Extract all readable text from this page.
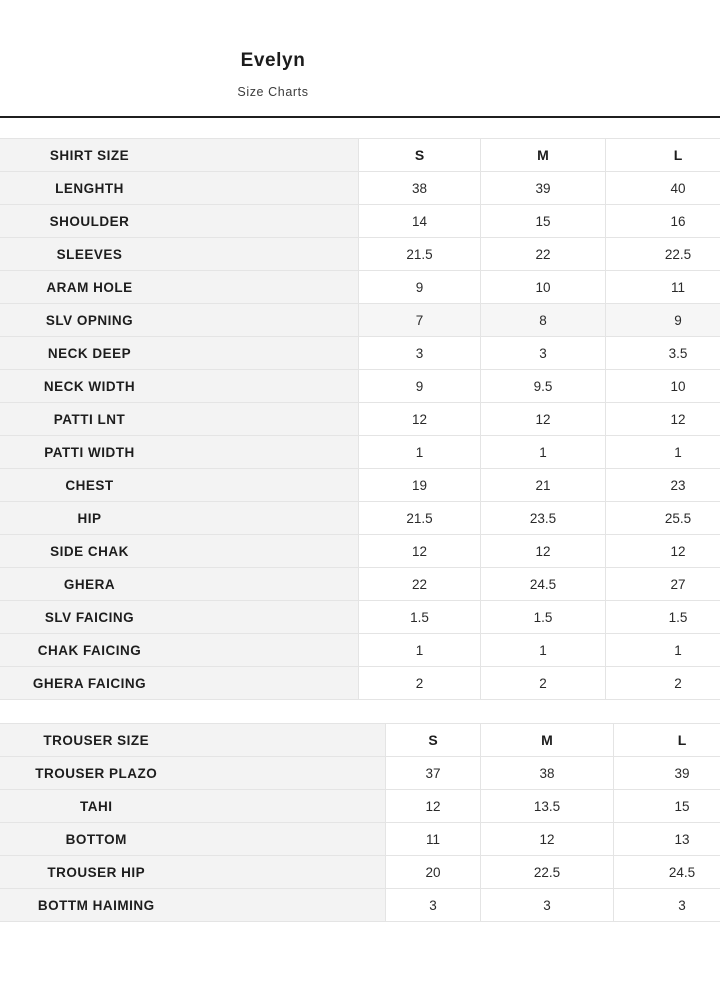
Evelyn

Size Charts

SHIRT SIZE	S	M	L
LENGHTH	38	39	40
SHOULDER	14	15	16
SLEEVES	21.5	22	22.5
ARAM HOLE	9	10	11
SLV OPNING	7	8	9
NECK DEEP	3	3	3.5
NECK WIDTH	9	9.5	10
PATTI LNT	12	12	12
PATTI WIDTH	1	1	1
CHEST	19	21	23
HIP	21.5	23.5	25.5
SIDE CHAK	12	12	12
GHERA	22	24.5	27
SLV FAICING	1.5	1.5	1.5
CHAK FAICING	1	1	1
GHERA FAICING	2	2	2
TROUSER SIZE	S	M	L
TROUSER PLAZO	37	38	39
TAHI	12	13.5	15
BOTTOM	11	12	13
TROUSER HIP	20	22.5	24.5
BOTTM HAIMING	3	3	3
